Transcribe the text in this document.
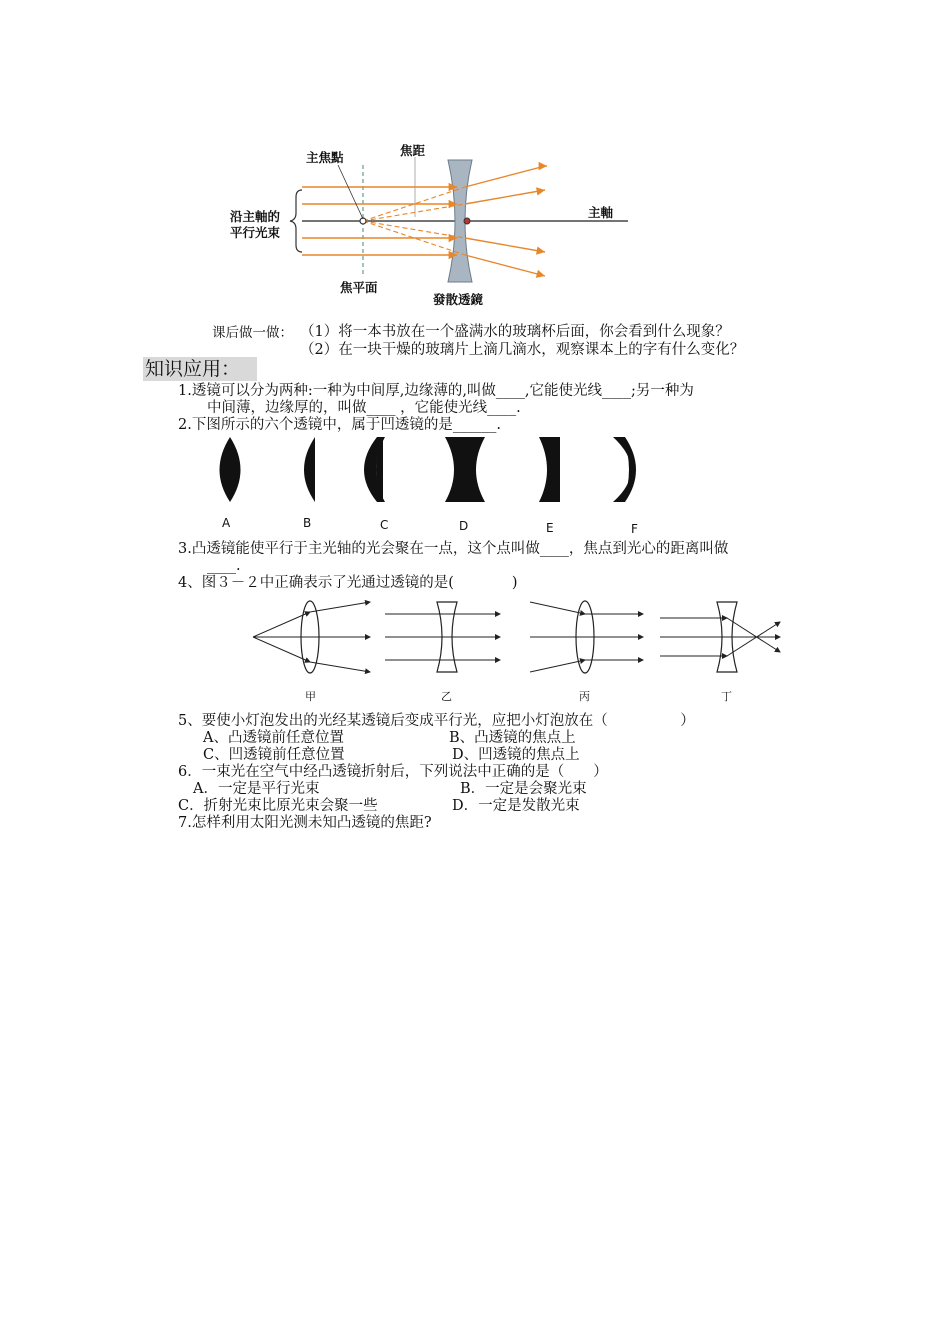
主焦點	焦距
沿主軸的
平行光束
主軸
焦平面
發散透鏡
课后做一做： （1）将一本书放在一个盛满水的玻璃杯后面，你会看到什么现象？
（2）在一块干燥的玻璃片上滴几滴水，观察课本上的字有什么变化？
知识应用：
1.透镜可以分为两种:一种为中间厚,边缘薄的,叫做____,它能使光线____;另一种为
中间薄，边缘厚的，叫做____ ，它能使光线____.
2.下图所示的六个透镜中，属于凹透镜的是______.
A	B	C	D	E	F
3.凸透镜能使平行于主光轴的光会聚在一点，这个点叫做____，焦点到光心的距离叫做
____.
4、图３－２中正确表示了光通过透镜的是(　　　　)
甲	乙	丙	丁
5、要使小灯泡发出的光经某透镜后变成平行光，应把小灯泡放在（　　　　　）
A、凸透镜前任意位置	B、凸透镜的焦点上
C、凹透镜前任意位置	D、凹透镜的焦点上
6．一束光在空气中经凸透镜折射后，下列说法中正确的是（　　）
A．一定是平行光束	B．一定是会聚光束
C．折射光束比原光束会聚一些	D．一定是发散光束
7.怎样利用太阳光测未知凸透镜的焦距?
